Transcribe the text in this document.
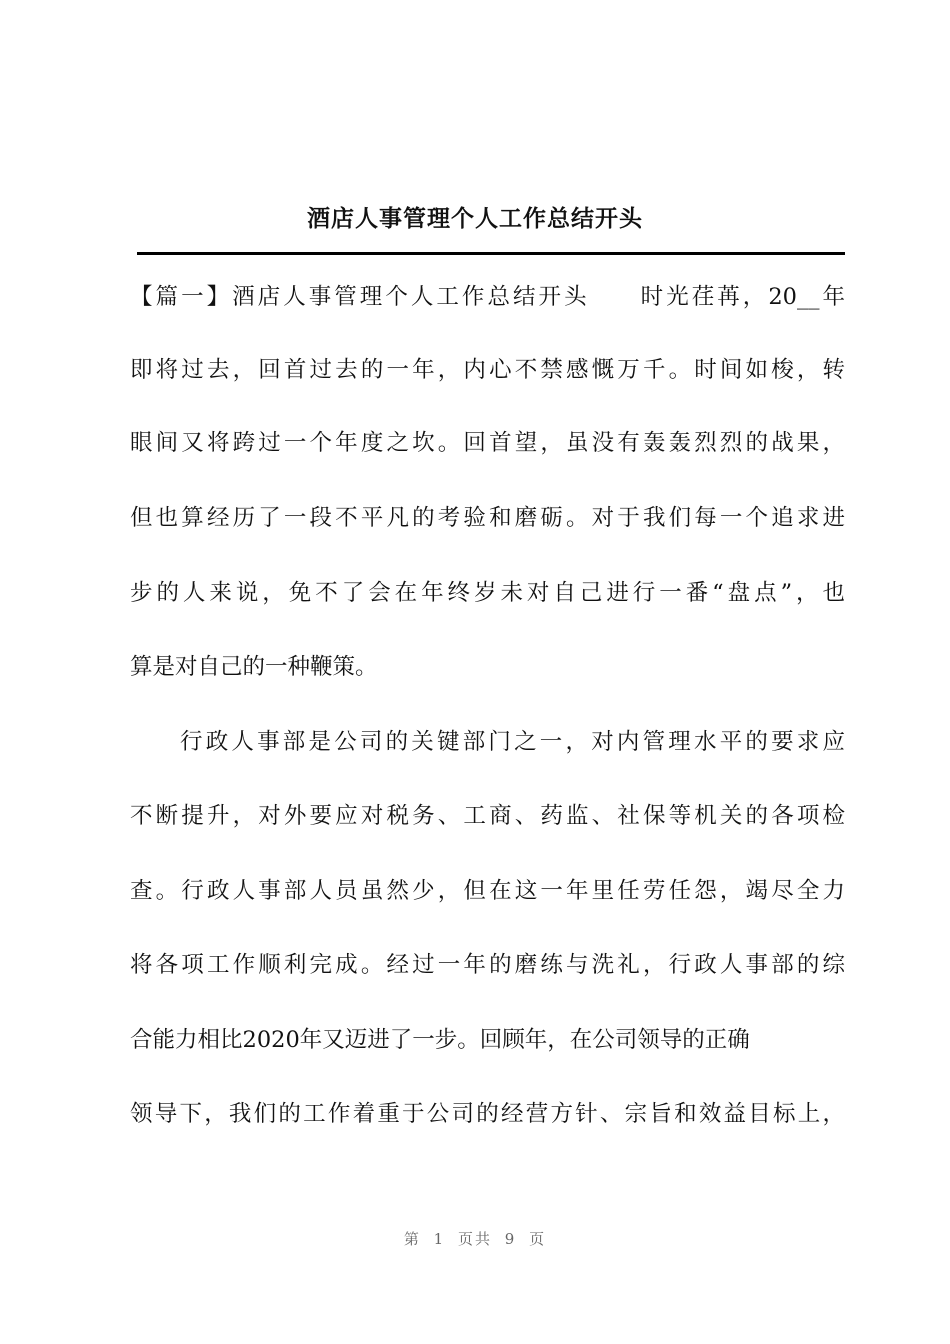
酒店人事管理个人工作总结开头
【篇一】酒店人事管理个人工作总结开头　　时光荏苒，20__年
即将过去，回首过去的一年，内心不禁感慨万千。时间如梭，转
眼间又将跨过一个年度之坎。回首望，虽没有轰轰烈烈的战果，
但也算经历了一段不平凡的考验和磨砺。对于我们每一个追求进
步的人来说，免不了会在年终岁未对自己进行一番“盘点”，也
算是对自己的一种鞭策。
行政人事部是公司的关键部门之一，对内管理水平的要求应
不断提升，对外要应对税务、工商、药监、社保等机关的各项检
查。行政人事部人员虽然少，但在这一年里任劳任怨，竭尽全力
将各项工作顺利完成。经过一年的磨练与洗礼，行政人事部的综
合能力相比2020年又迈进了一步。回顾年，在公司领导的正确
领导下，我们的工作着重于公司的经营方针、宗旨和效益目标上，
第 1 页共 9 页
